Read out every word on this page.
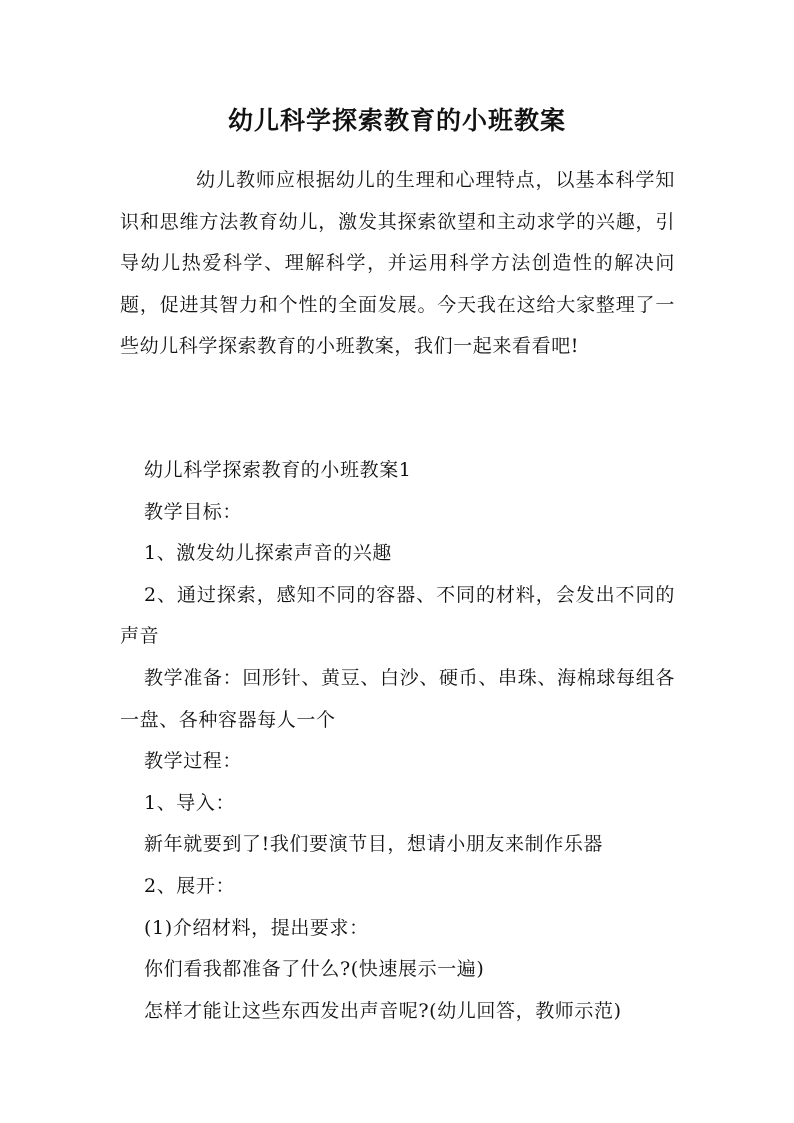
幼儿科学探索教育的小班教案

幼儿教师应根据幼儿的生理和心理特点，以基本科学知识和思维方法教育幼儿，激发其探索欲望和主动求学的兴趣，引导幼儿热爱科学、理解科学，并运用科学方法创造性的解决问题，促进其智力和个性的全面发展。今天我在这给大家整理了一些幼儿科学探索教育的小班教案，我们一起来看看吧!

幼儿科学探索教育的小班教案1

教学目标：

1、激发幼儿探索声音的兴趣

2、通过探索，感知不同的容器、不同的材料，会发出不同的声音

教学准备：回形针、黄豆、白沙、硬币、串珠、海棉球每组各一盘、各种容器每人一个

教学过程：

1、导入：

新年就要到了!我们要演节目，想请小朋友来制作乐器

2、展开：

(1)介绍材料，提出要求：

你们看我都准备了什么?(快速展示一遍)

怎样才能让这些东西发出声音呢?(幼儿回答，教师示范)
